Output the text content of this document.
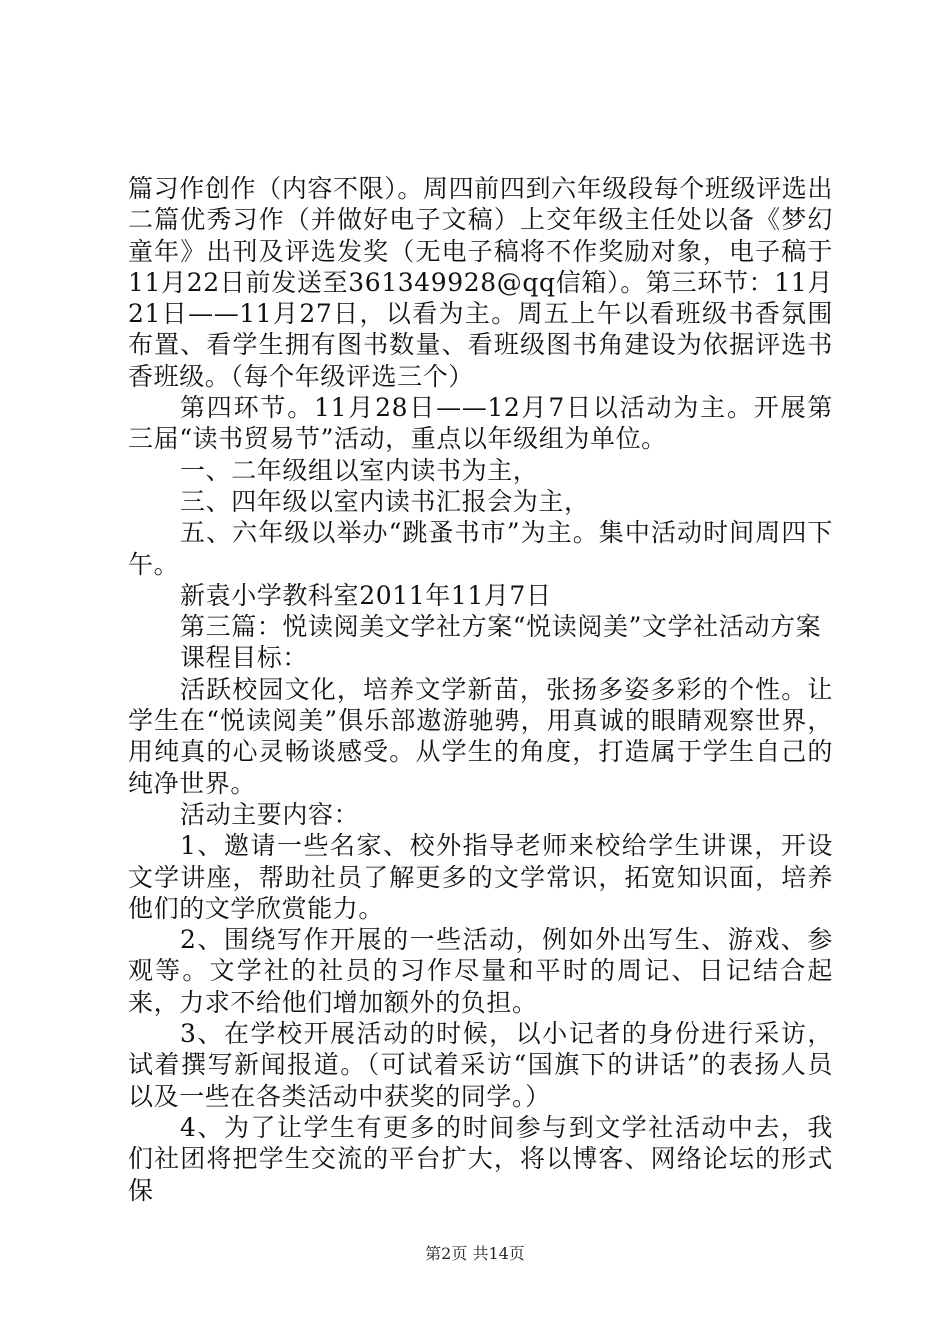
篇习作创作（内容不限）。周四前四到六年级段每个班级评选出二篇优秀习作（并做好电子文稿）上交年级主任处以备《梦幻童年》出刊及评选发奖（无电子稿将不作奖励对象，电子稿于11月22日前发送至361349928@qq信箱）。第三环节：11月21日——11月27日，以看为主。周五上午以看班级书香氛围布置、看学生拥有图书数量、看班级图书角建设为依据评选书香班级。（每个年级评选三个）

第四环节。11月28日——12月7日以活动为主。开展第三届“读书贸易节”活动，重点以年级组为单位。

一、二年级组以室内读书为主，

三、四年级以室内读书汇报会为主，

五、六年级以举办“跳蚤书市”为主。集中活动时间周四下午。

新袁小学教科室2011年11月7日

第三篇：悦读阅美文学社方案“悦读阅美”文学社活动方案

课程目标：

活跃校园文化，培养文学新苗，张扬多姿多彩的个性。让学生在“悦读阅美”俱乐部遨游驰骋，用真诚的眼睛观察世界，用纯真的心灵畅谈感受。从学生的角度，打造属于学生自己的纯净世界。

活动主要内容：

1、邀请一些名家、校外指导老师来校给学生讲课，开设文学讲座，帮助社员了解更多的文学常识，拓宽知识面，培养他们的文学欣赏能力。

2、围绕写作开展的一些活动，例如外出写生、游戏、参观等。文学社的社员的习作尽量和平时的周记、日记结合起来，力求不给他们增加额外的负担。

3、在学校开展活动的时候，以小记者的身份进行采访，试着撰写新闻报道。（可试着采访“国旗下的讲话”的表扬人员以及一些在各类活动中获奖的同学。）

4、为了让学生有更多的时间参与到文学社活动中去，我们社团将把学生交流的平台扩大，将以博客、网络论坛的形式保

第2页 共14页
